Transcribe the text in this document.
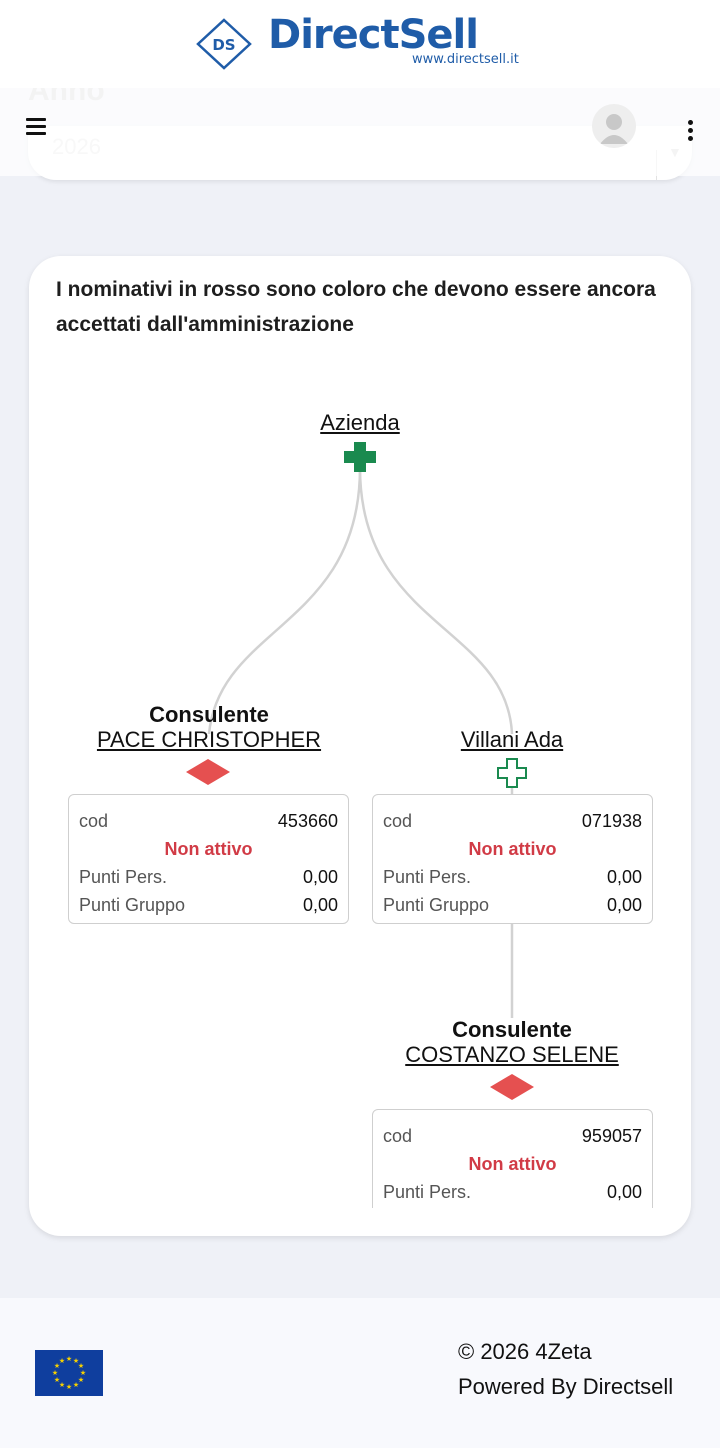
DS DirectSell
www.directsell.it
I nominativi in rosso sono coloro che devono essere ancora accettati dall'amministrazione
Azienda
Consulente
PACE CHRISTOPHER
cod	453660
Non attivo
Punti Pers.	0,00
Punti Gruppo	0,00
Villani Ada
cod	071938
Non attivo
Punti Pers.	0,00
Punti Gruppo	0,00
Consulente
COSTANZO SELENE
cod	959057
Non attivo
Punti Pers.	0,00
★ ★
★
★
★
★
★
★
★
★
★
★	© 2026 4Zeta
Powered By Directsell
